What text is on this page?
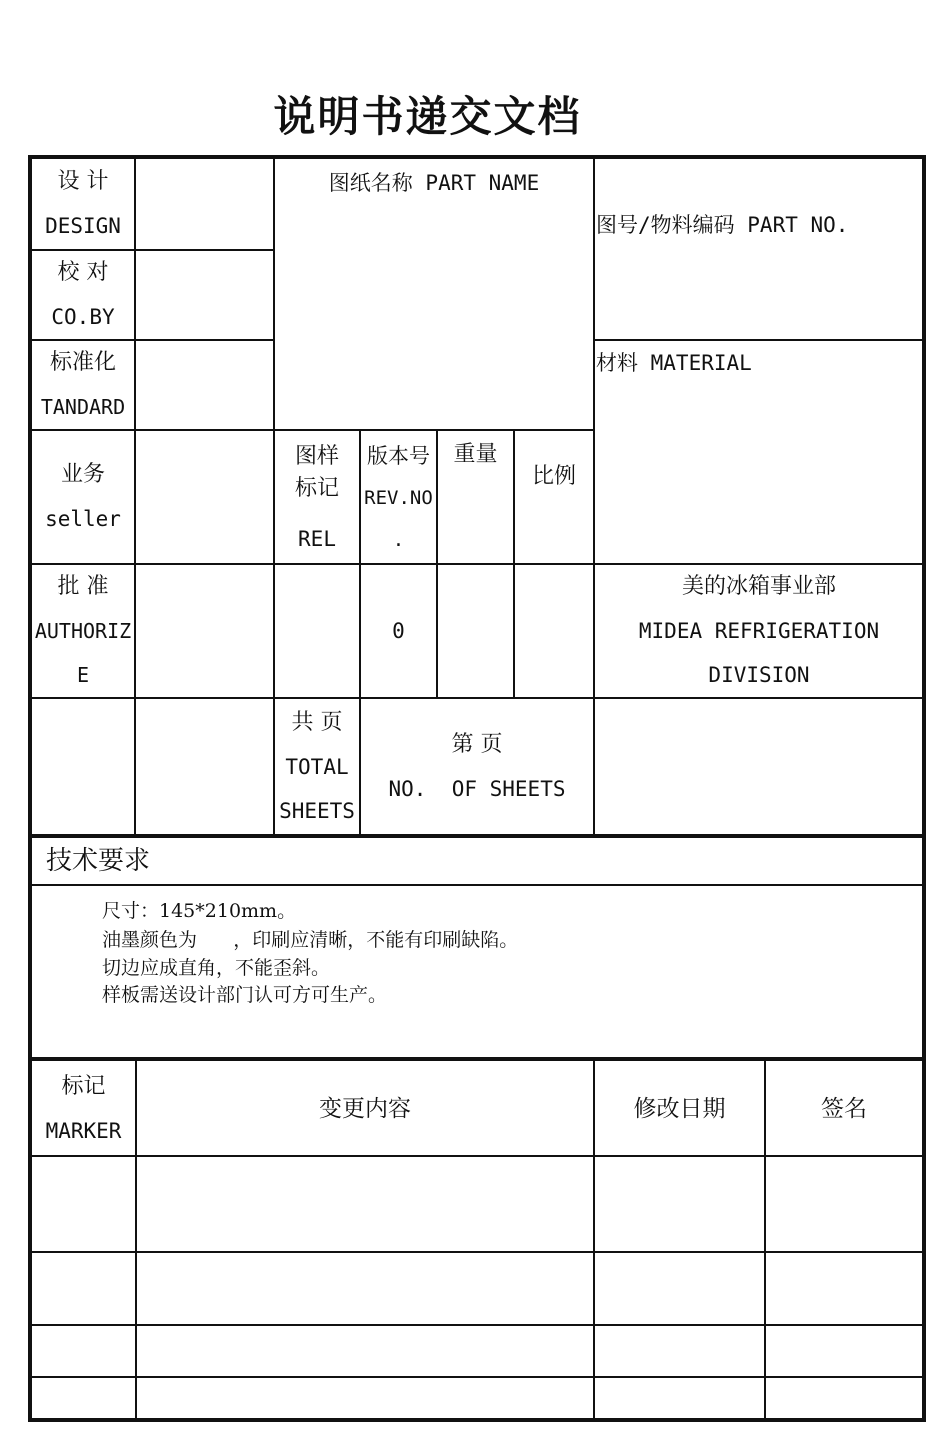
说明书递交文档
设 计
DESIGN
校 对
CO.BY
标准化
TANDARD
图纸名称 PART NAME
图号/物料编码 PART NO.
材料 MATERIAL
业务
seller
图样
标记
REL
版本号
REV.NO
.
重量
比例
批 准
AUTHORIZ
E
0
美的冰箱事业部
MIDEA REFRIGERATION
DIVISION
共 页
TOTAL
SHEETS
第 页
NO.  OF SHEETS
技术要求
尺寸：145*210mm。
油墨颜色为      ，印刷应清晰，不能有印刷缺陷。
切边应成直角，不能歪斜。
样板需送设计部门认可方可生产。
标记
MARKER
变更内容	修改日期	签名
